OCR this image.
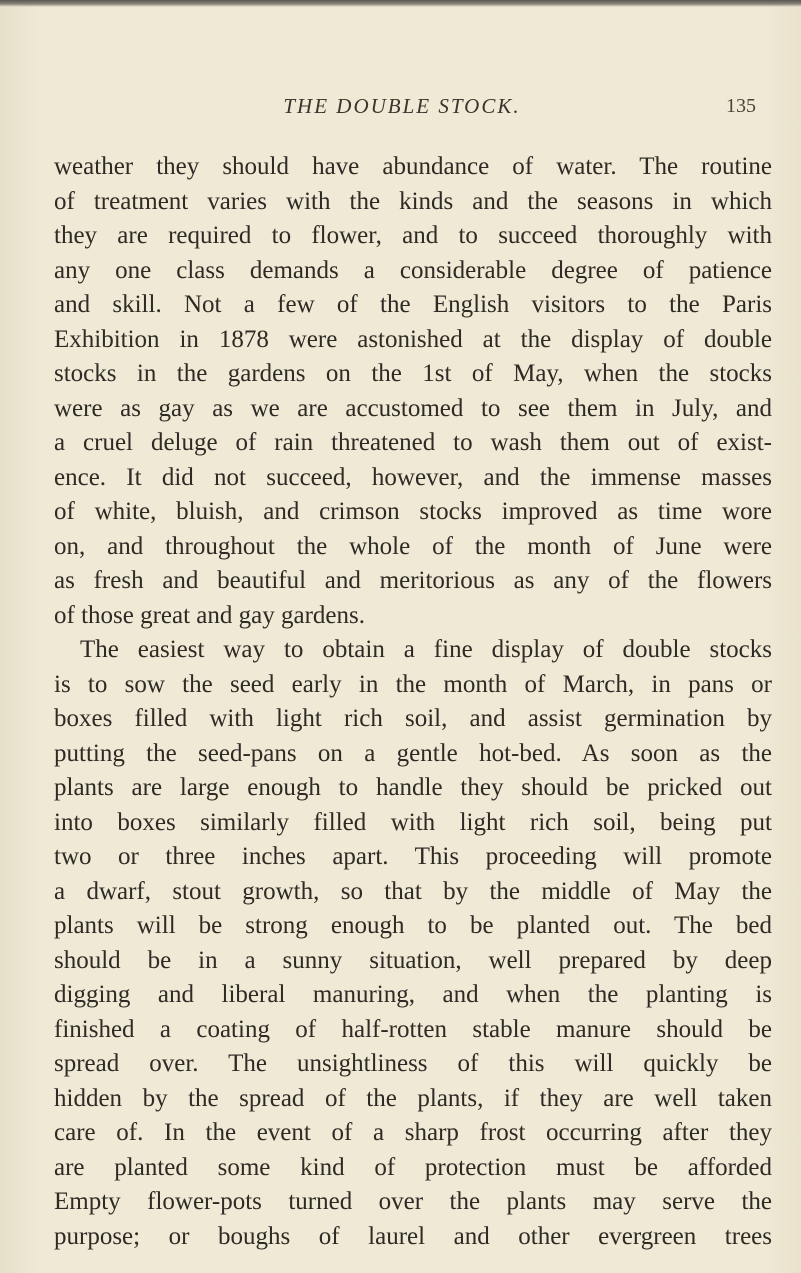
THE DOUBLE STOCK.	135
weather they should have abundance of water. The routine
of treatment varies with the kinds and the seasons in which
they are required to flower, and to succeed thoroughly with
any one class demands a considerable degree of patience
and skill. Not a few of the English visitors to the Paris
Exhibition in 1878 were astonished at the display of double
stocks in the gardens on the 1st of May, when the stocks
were as gay as we are accustomed to see them in July, and
a cruel deluge of rain threatened to wash them out of exist-
ence. It did not succeed, however, and the immense masses
of white, bluish, and crimson stocks improved as time wore
on, and throughout the whole of the month of June were
as fresh and beautiful and meritorious as any of the flowers
of those great and gay gardens.
The easiest way to obtain a fine display of double stocks
is to sow the seed early in the month of March, in pans or
boxes filled with light rich soil, and assist germination by
putting the seed-pans on a gentle hot-bed. As soon as the
plants are large enough to handle they should be pricked out
into boxes similarly filled with light rich soil, being put
two or three inches apart. This proceeding will promote
a dwarf, stout growth, so that by the middle of May the
plants will be strong enough to be planted out. The bed
should be in a sunny situation, well prepared by deep
digging and liberal manuring, and when the planting is
finished a coating of half-rotten stable manure should be
spread over. The unsightliness of this will quickly be
hidden by the spread of the plants, if they are well taken
care of. In the event of a sharp frost occurring after they
are planted some kind of protection must be afforded
Empty flower-pots turned over the plants may serve the
purpose; or boughs of laurel and other evergreen trees
